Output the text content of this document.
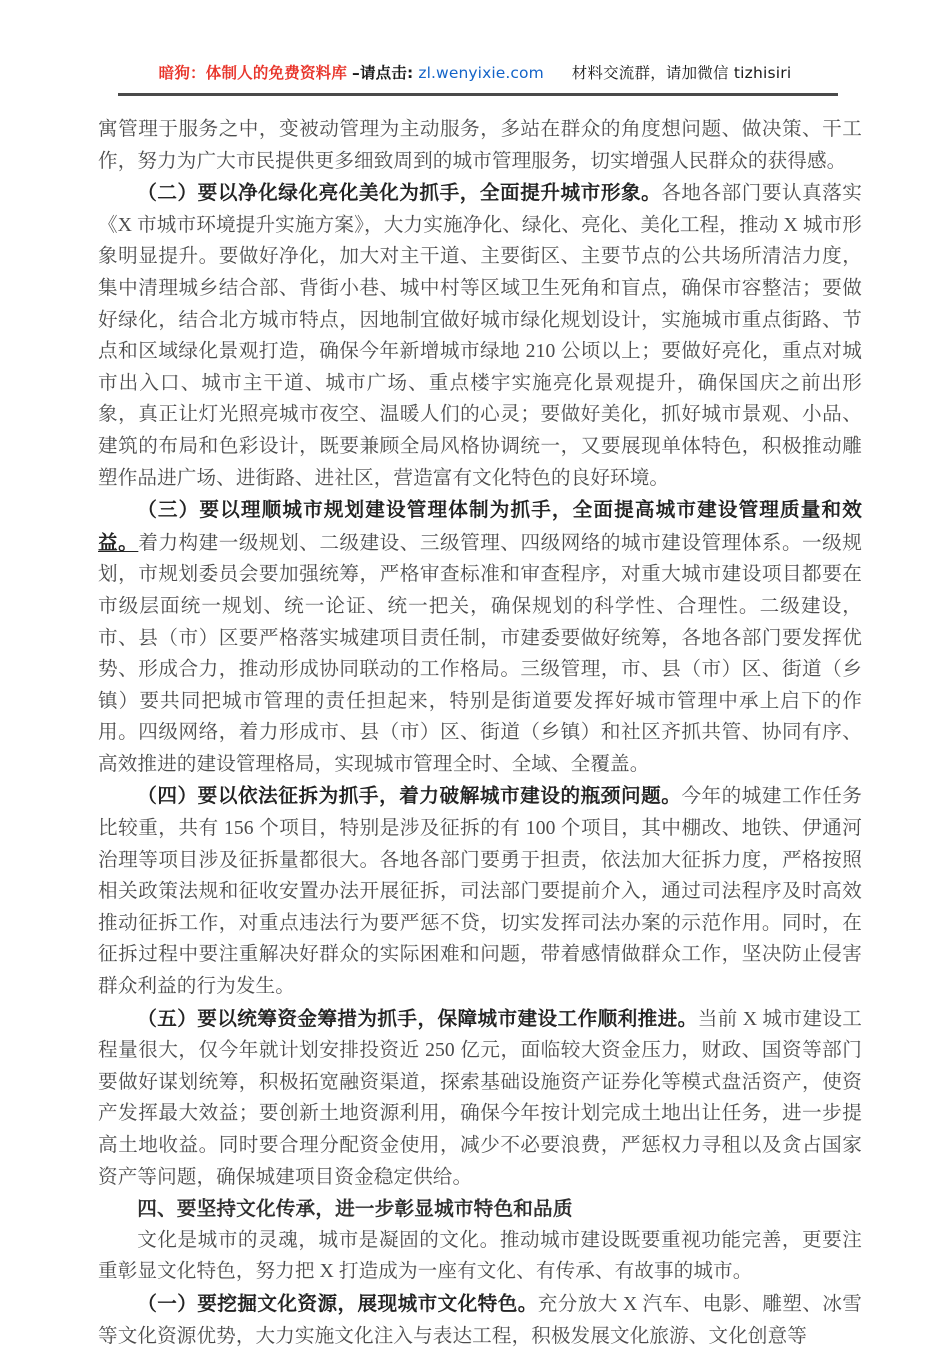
暗狗：体制人的免费资料库 –请点击: zl.wenyixie.com 材料交流群，请加微信 tizhisiri

寓管理于服务之中，变被动管理为主动服务，多站在群众的角度想问题、做决策、干工作，努力为广大市民提供更多细致周到的城市管理服务，切实增强人民群众的获得感。

（二）要以净化绿化亮化美化为抓手，全面提升城市形象。各地各部门要认真落实《X 市城市环境提升实施方案》，大力实施净化、绿化、亮化、美化工程，推动 X 城市形象明显提升。要做好净化，加大对主干道、主要街区、主要节点的公共场所清洁力度，集中清理城乡结合部、背街小巷、城中村等区域卫生死角和盲点，确保市容整洁；要做好绿化，结合北方城市特点，因地制宜做好城市绿化规划设计，实施城市重点街路、节点和区域绿化景观打造，确保今年新增城市绿地 210 公顷以上；要做好亮化，重点对城市出入口、城市主干道、城市广场、重点楼宇实施亮化景观提升，确保国庆之前出形象，真正让灯光照亮城市夜空、温暖人们的心灵；要做好美化，抓好城市景观、小品、建筑的布局和色彩设计，既要兼顾全局风格协调统一，又要展现单体特色，积极推动雕塑作品进广场、进街路、进社区，营造富有文化特色的良好环境。

（三）要以理顺城市规划建设管理体制为抓手，全面提高城市建设管理质量和效益。着力构建一级规划、二级建设、三级管理、四级网络的城市建设管理体系。一级规划，市规划委员会要加强统筹，严格审查标准和审查程序，对重大城市建设项目都要在市级层面统一规划、统一论证、统一把关，确保规划的科学性、合理性。二级建设，市、县（市）区要严格落实城建项目责任制，市建委要做好统筹，各地各部门要发挥优势、形成合力，推动形成协同联动的工作格局。三级管理，市、县（市）区、街道（乡镇）要共同把城市管理的责任担起来，特别是街道要发挥好城市管理中承上启下的作用。四级网络，着力形成市、县（市）区、街道（乡镇）和社区齐抓共管、协同有序、高效推进的建设管理格局，实现城市管理全时、全域、全覆盖。

（四）要以依法征拆为抓手，着力破解城市建设的瓶颈问题。今年的城建工作任务比较重，共有 156 个项目，特别是涉及征拆的有 100 个项目，其中棚改、地铁、伊通河治理等项目涉及征拆量都很大。各地各部门要勇于担责，依法加大征拆力度，严格按照相关政策法规和征收安置办法开展征拆，司法部门要提前介入，通过司法程序及时高效推动征拆工作，对重点违法行为要严惩不贷，切实发挥司法办案的示范作用。同时，在征拆过程中要注重解决好群众的实际困难和问题，带着感情做群众工作，坚决防止侵害群众利益的行为发生。

（五）要以统筹资金筹措为抓手，保障城市建设工作顺利推进。当前 X 城市建设工程量很大，仅今年就计划安排投资近 250 亿元，面临较大资金压力，财政、国资等部门要做好谋划统筹，积极拓宽融资渠道，探索基础设施资产证券化等模式盘活资产，使资产发挥最大效益；要创新土地资源利用，确保今年按计划完成土地出让任务，进一步提高土地收益。同时要合理分配资金使用，减少不必要浪费，严惩权力寻租以及贪占国家资产等问题，确保城建项目资金稳定供给。

四、要坚持文化传承，进一步彰显城市特色和品质

文化是城市的灵魂，城市是凝固的文化。推动城市建设既要重视功能完善，更要注重彰显文化特色，努力把 X 打造成为一座有文化、有传承、有故事的城市。

（一）要挖掘文化资源，展现城市文化特色。充分放大 X 汽车、电影、雕塑、冰雪等文化资源优势，大力实施文化注入与表达工程，积极发展文化旅游、文化创意等
